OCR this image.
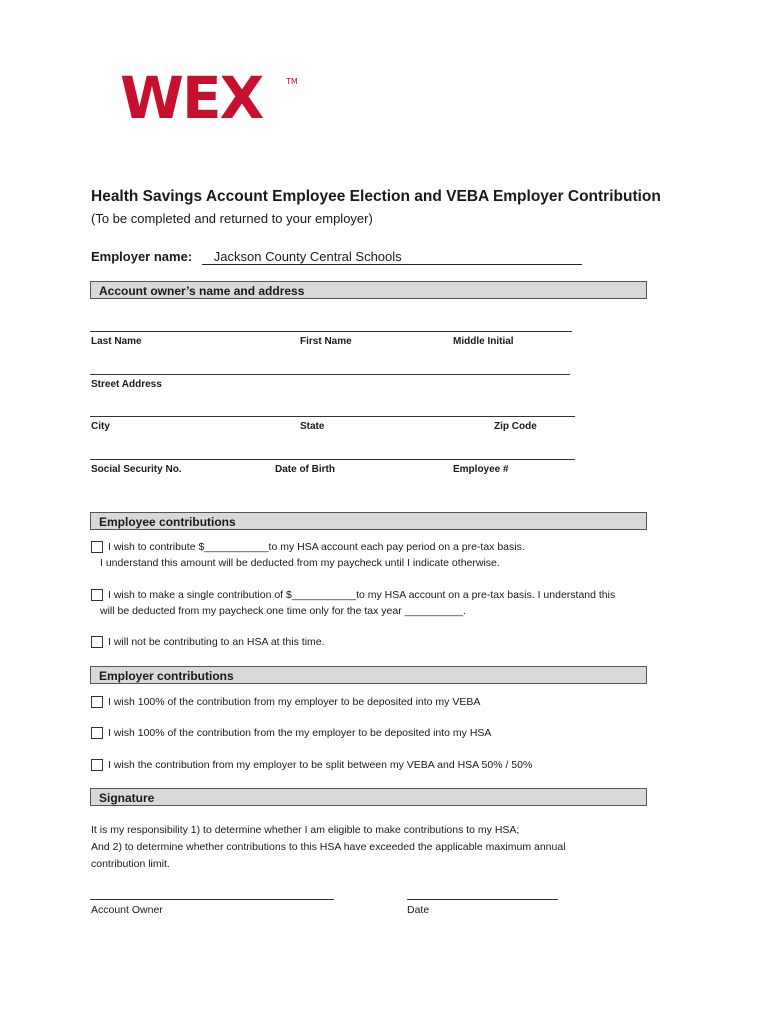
WEX	TM
Health Savings Account Employee Election and VEBA Employer Contribution
(To be completed and returned to your employer)
Employer name: Jackson County Central Schools
Account owner’s name and address
Last Name	First Name	Middle Initial
Street Address
City	State	Zip Code
Social Security No.	Date of Birth	Employee #
Employee contributions
I wish to contribute $___________to my HSA account each pay period on a pre-tax basis.
I understand this amount will be deducted from my paycheck until I indicate otherwise.
I wish to make a single contribution of $___________to my HSA account on a pre-tax basis. I understand this
will be deducted from my paycheck one time only for the tax year __________.
I will not be contributing to an HSA at this time.
Employer contributions
I wish 100% of the contribution from my employer to be deposited into my VEBA
I wish 100% of the contribution from the my employer to be deposited into my HSA
I wish the contribution from my employer to be split between my VEBA and HSA 50% / 50%
Signature
It is my responsibility 1) to determine whether I am eligible to make contributions to my HSA;
And 2) to determine whether contributions to this HSA have exceeded the applicable maximum annual
contribution limit.
Account Owner	Date
